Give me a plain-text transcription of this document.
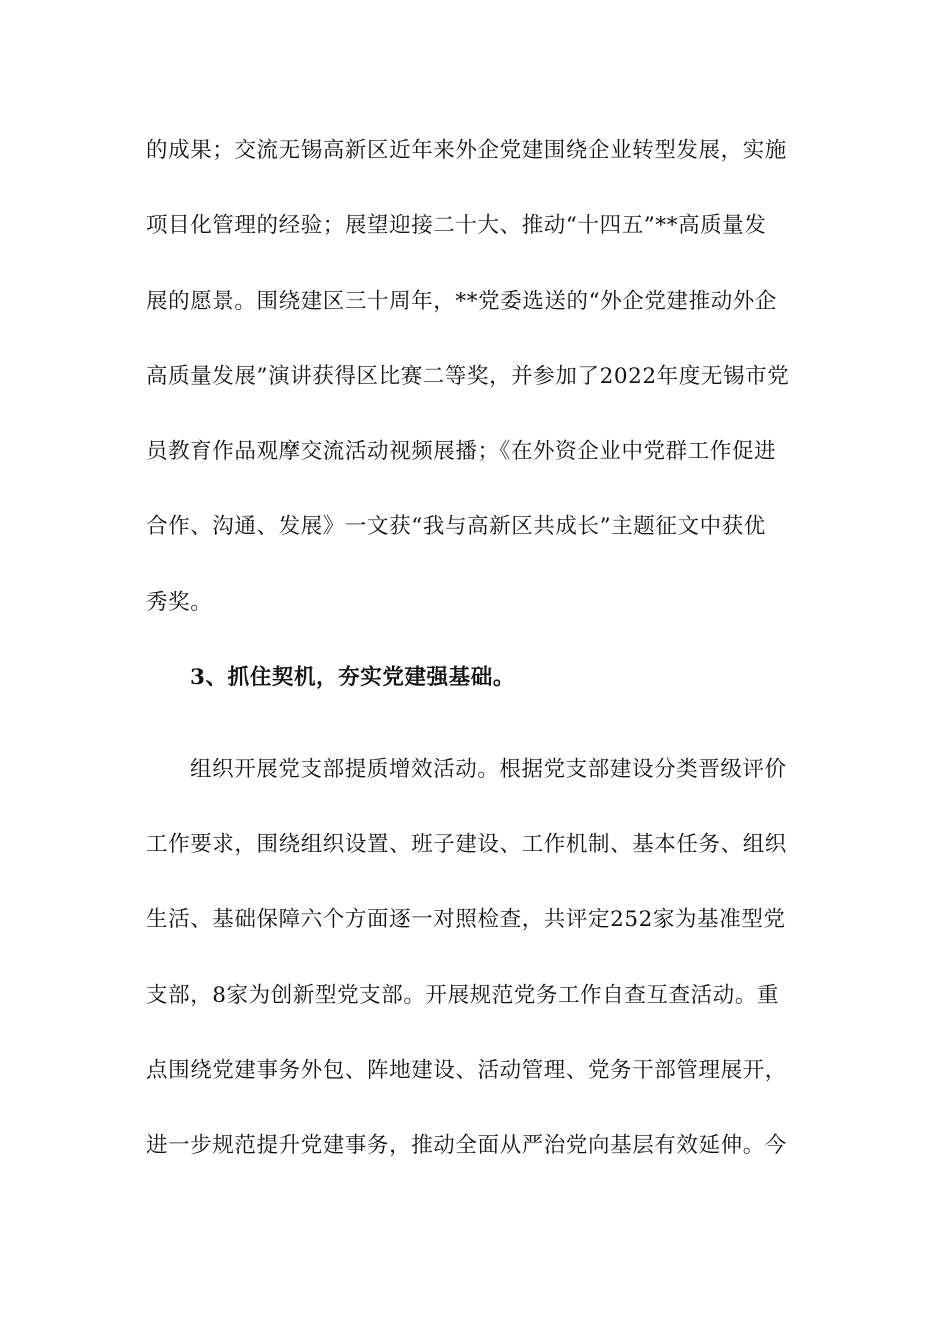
的成果；交流无锡高新区近年来外企党建围绕企业转型发展，实施
项目化管理的经验；展望迎接二十大、推动“十四五”**高质量发
展的愿景。围绕建区三十周年，**党委选送的“外企党建推动外企
高质量发展”演讲获得区比赛二等奖，并参加了2022年度无锡市党
员教育作品观摩交流活动视频展播；《在外资企业中党群工作促进
合作、沟通、发展》一文获“我与高新区共成长”主题征文中获优
秀奖。
3、抓住契机，夯实党建强基础。
组织开展党支部提质增效活动。根据党支部建设分类晋级评价
工作要求，围绕组织设置、班子建设、工作机制、基本任务、组织
生活、基础保障六个方面逐一对照检查，共评定252家为基准型党
支部，8家为创新型党支部。开展规范党务工作自查互查活动。重
点围绕党建事务外包、阵地建设、活动管理、党务干部管理展开，
进一步规范提升党建事务，推动全面从严治党向基层有效延伸。今
